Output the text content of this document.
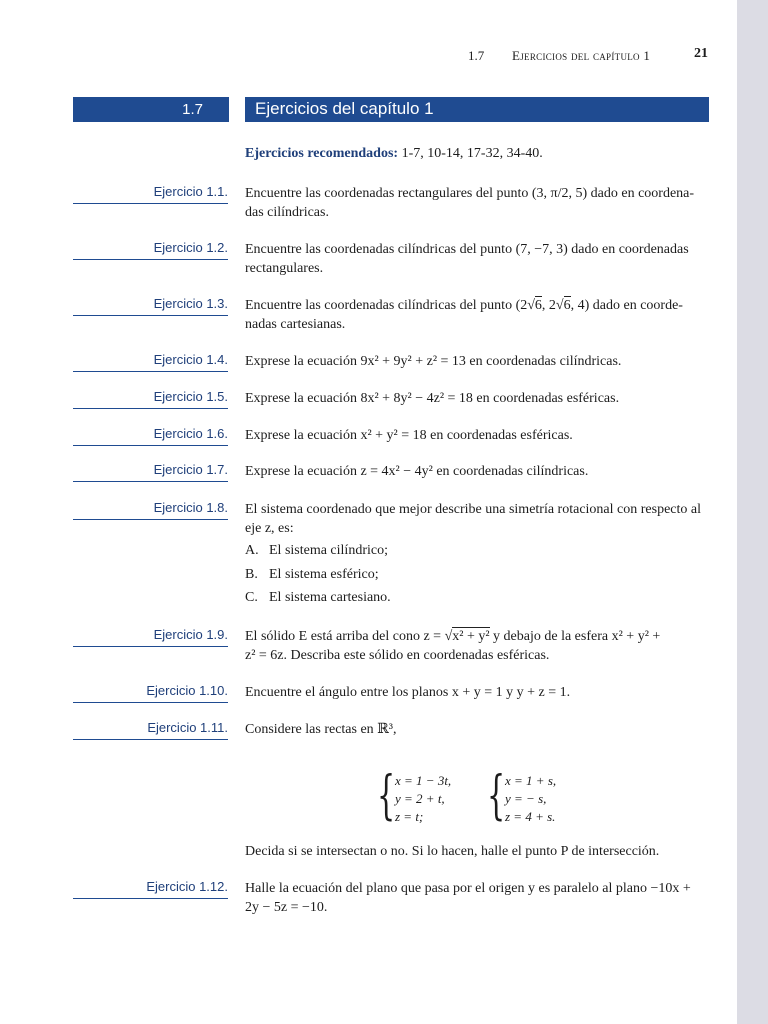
1.7 Ejercicios del capítulo 1	21
1.7	Ejercicios del capítulo 1
Ejercicios recomendados: 1-7, 10-14, 17-32, 34-40.
Ejercicio 1.1. Encuentre las coordenadas rectangulares del punto (3, π/2, 5) dado en coordena-
das cilíndricas.
Ejercicio 1.2. Encuentre las coordenadas cilíndricas del punto (7, −7, 3) dado en coordenadas
rectangulares.
Ejercicio 1.3. Encuentre las coordenadas cilíndricas del punto (2√6, 2√6, 4) dado en coorde-
nadas cartesianas.
Ejercicio 1.4. Exprese la ecuación 9x² + 9y² + z² = 13 en coordenadas cilíndricas.
Ejercicio 1.5. Exprese la ecuación 8x² + 8y² − 4z² = 18 en coordenadas esféricas.
Ejercicio 1.6. Exprese la ecuación x² + y² = 18 en coordenadas esféricas.
Ejercicio 1.7. Exprese la ecuación z = 4x² − 4y² en coordenadas cilíndricas.
Ejercicio 1.8. El sistema coordenado que mejor describe una simetría rotacional con respecto al
eje z, es:
A. El sistema cilíndrico;
B. El sistema esférico;
C. El sistema cartesiano.
Ejercicio 1.9. El sólido E está arriba del cono z = √x² + y² y debajo de la esfera x² + y² +
z² = 6z. Describa este sólido en coordenadas esféricas.
Ejercicio 1.10. Encuentre el ángulo entre los planos x + y = 1 y y + z = 1.
Ejercicio 1.11. Considere las rectas en ℝ³,
{ x = 1 − 3t,
y = 2 + t,
z = t; { x = 1 + s,
y = − s,
z = 4 + s.
Decida si se intersectan o no. Si lo hacen, halle el punto P de intersección.
Ejercicio 1.12. Halle la ecuación del plano que pasa por el origen y es paralelo al plano −10x +
2y − 5z = −10.
